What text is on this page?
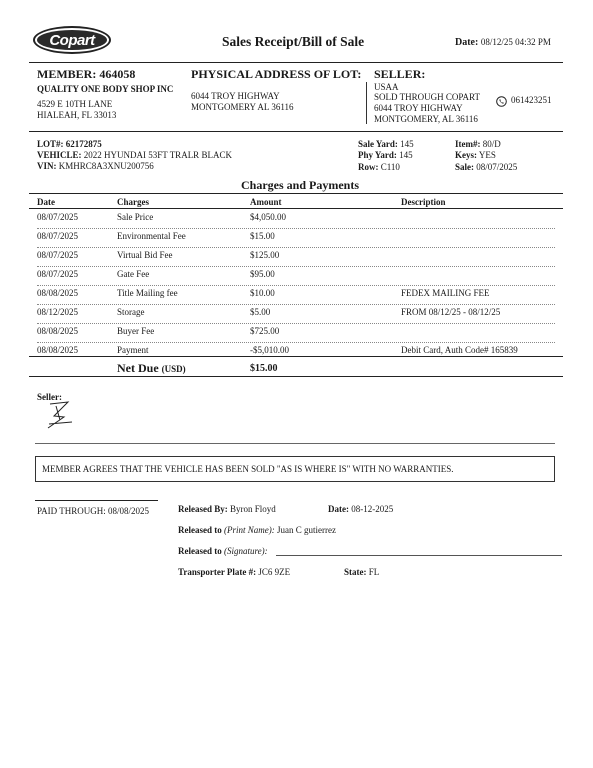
Copart	Sales Receipt/Bill of Sale	Date: 08/12/25 04:32 PM
MEMBER: 464058
QUALITY ONE BODY SHOP INC
4529 E 10TH LANE
HIALEAH, FL 33013
PHYSICAL ADDRESS OF LOT:
6044 TROY HIGHWAY
MONTGOMERY AL 36116
SELLER:
USAA
SOLD THROUGH COPART
6044 TROY HIGHWAY
MONTGOMERY, AL 36116
061423251
LOT#: 62172875
VEHICLE: 2022 HYUNDAI 53FT TRALR BLACK
VIN: KMHRC8A3XNU200756
Sale Yard: 145
Phy Yard: 145
Row: C110
Item#: 80/D
Keys: YES
Sale: 08/07/2025
Charges and Payments
Date	Charges	Amount	Description
08/07/2025	Sale Price	$4,050.00
08/07/2025	Environmental Fee	$15.00
08/07/2025	Virtual Bid Fee	$125.00
08/07/2025	Gate Fee	$95.00
08/08/2025	Title Mailing fee	$10.00	FEDEX MAILING FEE
08/12/2025	Storage	$5.00	FROM 08/12/25 - 08/12/25
08/08/2025	Buyer Fee	$725.00
08/08/2025	Payment	-$5,010.00	Debit Card, Auth Code# 165839
Net Due (USD)	$15.00
Seller:
MEMBER AGREES THAT THE VEHICLE HAS BEEN SOLD "AS IS WHERE IS" WITH NO WARRANTIES.
PAID THROUGH: 08/08/2025	Released By: Byron Floyd	Date: 08-12-2025
Released to (Print Name): Juan C gutierrez
Released to (Signature):
Transporter Plate #: JC6 9ZE	State: FL
